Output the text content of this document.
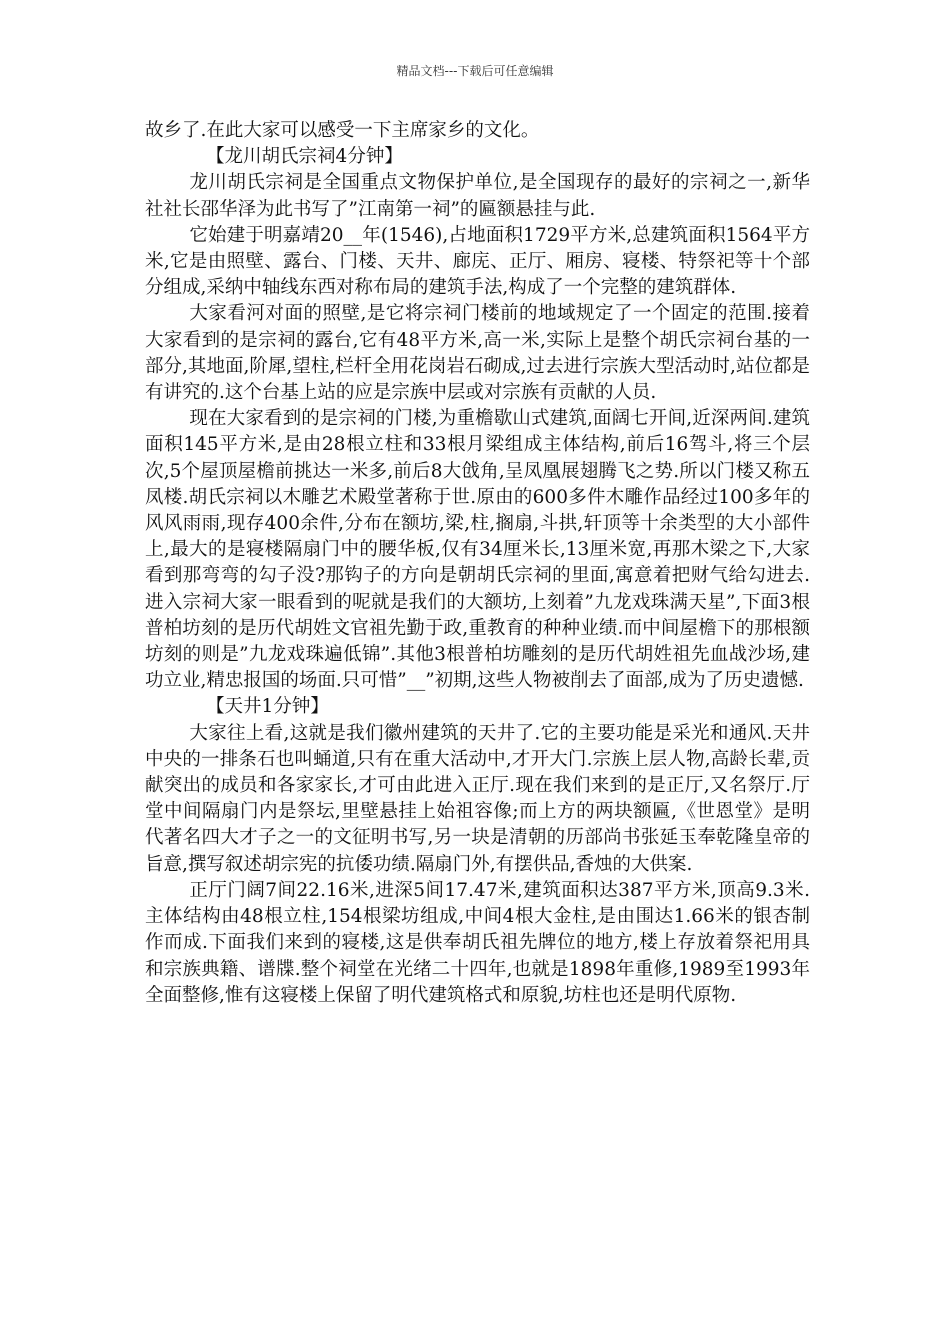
精品文档---下载后可任意编辑

故乡了.在此大家可以感受一下主席家乡的文化。

【龙川胡氏宗祠4分钟】

龙川胡氏宗祠是全国重点文物保护单位,是全国现存的最好的宗祠之一,新华社社长邵华泽为此书写了”江南第一祠”的匾额悬挂与此.

它始建于明嘉靖20__年(1546),占地面积1729平方米,总建筑面积1564平方米,它是由照壁、露台、门楼、天井、廊庑、正厅、厢房、寝楼、特祭祀等十个部分组成,采纳中轴线东西对称布局的建筑手法,构成了一个完整的建筑群体.

大家看河对面的照壁,是它将宗祠门楼前的地域规定了一个固定的范围.接着大家看到的是宗祠的露台,它有48平方米,高一米,实际上是整个胡氏宗祠台基的一部分,其地面,阶犀,望柱,栏杆全用花岗岩石砌成,过去进行宗族大型活动时,站位都是有讲究的.这个台基上站的应是宗族中层或对宗族有贡献的人员.

现在大家看到的是宗祠的门楼,为重檐歇山式建筑,面阔七开间,近深两间.建筑面积145平方米,是由28根立柱和33根月梁组成主体结构,前后16驾斗,将三个层次,5个屋顶屋檐前挑达一米多,前后8大戗角,呈凤凰展翅腾飞之势.所以门楼又称五凤楼.胡氏宗祠以木雕艺术殿堂著称于世.原由的600多件木雕作品经过100多年的风风雨雨,现存400余件,分布在额坊,梁,柱,搁扇,斗拱,轩顶等十余类型的大小部件上,最大的是寝楼隔扇门中的腰华板,仅有34厘米长,13厘米宽,再那木梁之下,大家看到那弯弯的勾子没?那钩子的方向是朝胡氏宗祠的里面,寓意着把财气给勾进去.　　进入宗祠大家一眼看到的呢就是我们的大额坊,上刻着”九龙戏珠满天星”,下面3根普柏坊刻的是历代胡姓文官祖先勤于政,重教育的种种业绩.而中间屋檐下的那根额坊刻的则是”九龙戏珠遍低锦”.其他3根普柏坊雕刻的是历代胡姓祖先血战沙场,建功立业,精忠报国的场面.只可惜”__”初期,这些人物被削去了面部,成为了历史遗憾.

【天井1分钟】

大家往上看,这就是我们徽州建筑的天井了.它的主要功能是采光和通风.天井中央的一排条石也叫蛹道,只有在重大活动中,才开大门.宗族上层人物,高龄长辈,贡献突出的成员和各家家长,才可由此进入正厅.现在我们来到的是正厅,又名祭厅.厅堂中间隔扇门内是祭坛,里壁悬挂上始祖容像;而上方的两块额匾,《世恩堂》是明代著名四大才子之一的文征明书写,另一块是清朝的历部尚书张延玉奉乾隆皇帝的旨意,撰写叙述胡宗宪的抗倭功绩.隔扇门外,有摆供品,香烛的大供案.

正厅门阔7间22.16米,进深5间17.47米,建筑面积达387平方米,顶高9.3米.主体结构由48根立柱,154根梁坊组成,中间4根大金柱,是由围达1.66米的银杏制作而成.下面我们来到的寝楼,这是供奉胡氏祖先牌位的地方,楼上存放着祭祀用具和宗族典籍、谱牒.整个祠堂在光绪二十四年,也就是1898年重修,1989至1993年全面整修,惟有这寝楼上保留了明代建筑格式和原貌,坊柱也还是明代原物.
